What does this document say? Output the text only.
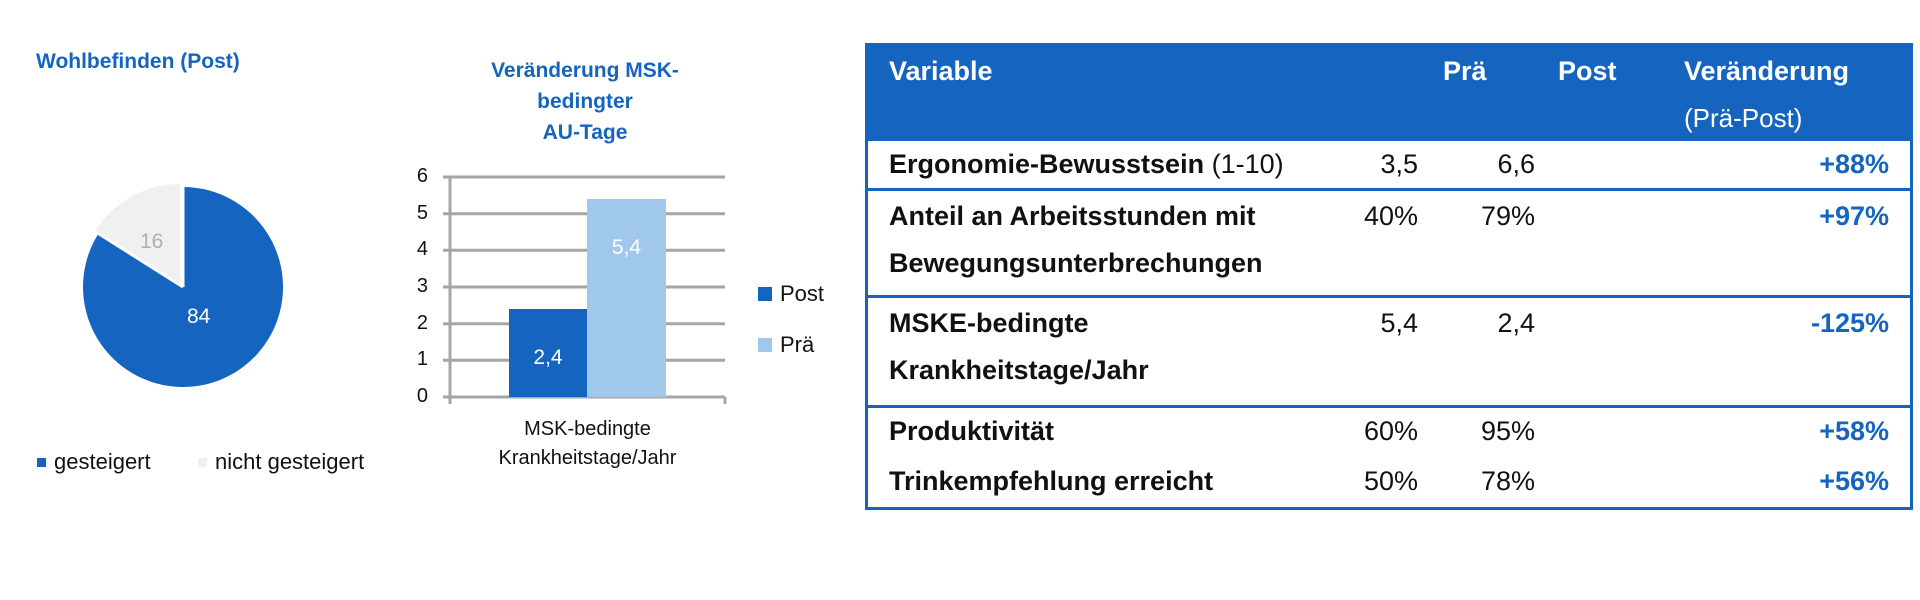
Wohlbefinden (Post)
16
84
gesteigert	nicht gesteigert
Veränderung MSK-bedingter
AU-Tage
6
5
4
3
2
1
0
2,4
5,4
MSK-bedingte
Krankheitstage/Jahr
Post
Prä
Variable	Prä	Post Veränderung
(Prä-Post)
Ergonomie-Bewusstsein (1-10)	3,5	6,6	+88%
Anteil an Arbeitsstunden mit
Bewegungsunterbrechungen
40%	79%	+97%
MSKE-bedingte
Krankheitstage/Jahr
5,4	2,4	-125%
Produktivität	60%	95%	+58%
Trinkempfehlung erreicht	50%	78%	+56%
